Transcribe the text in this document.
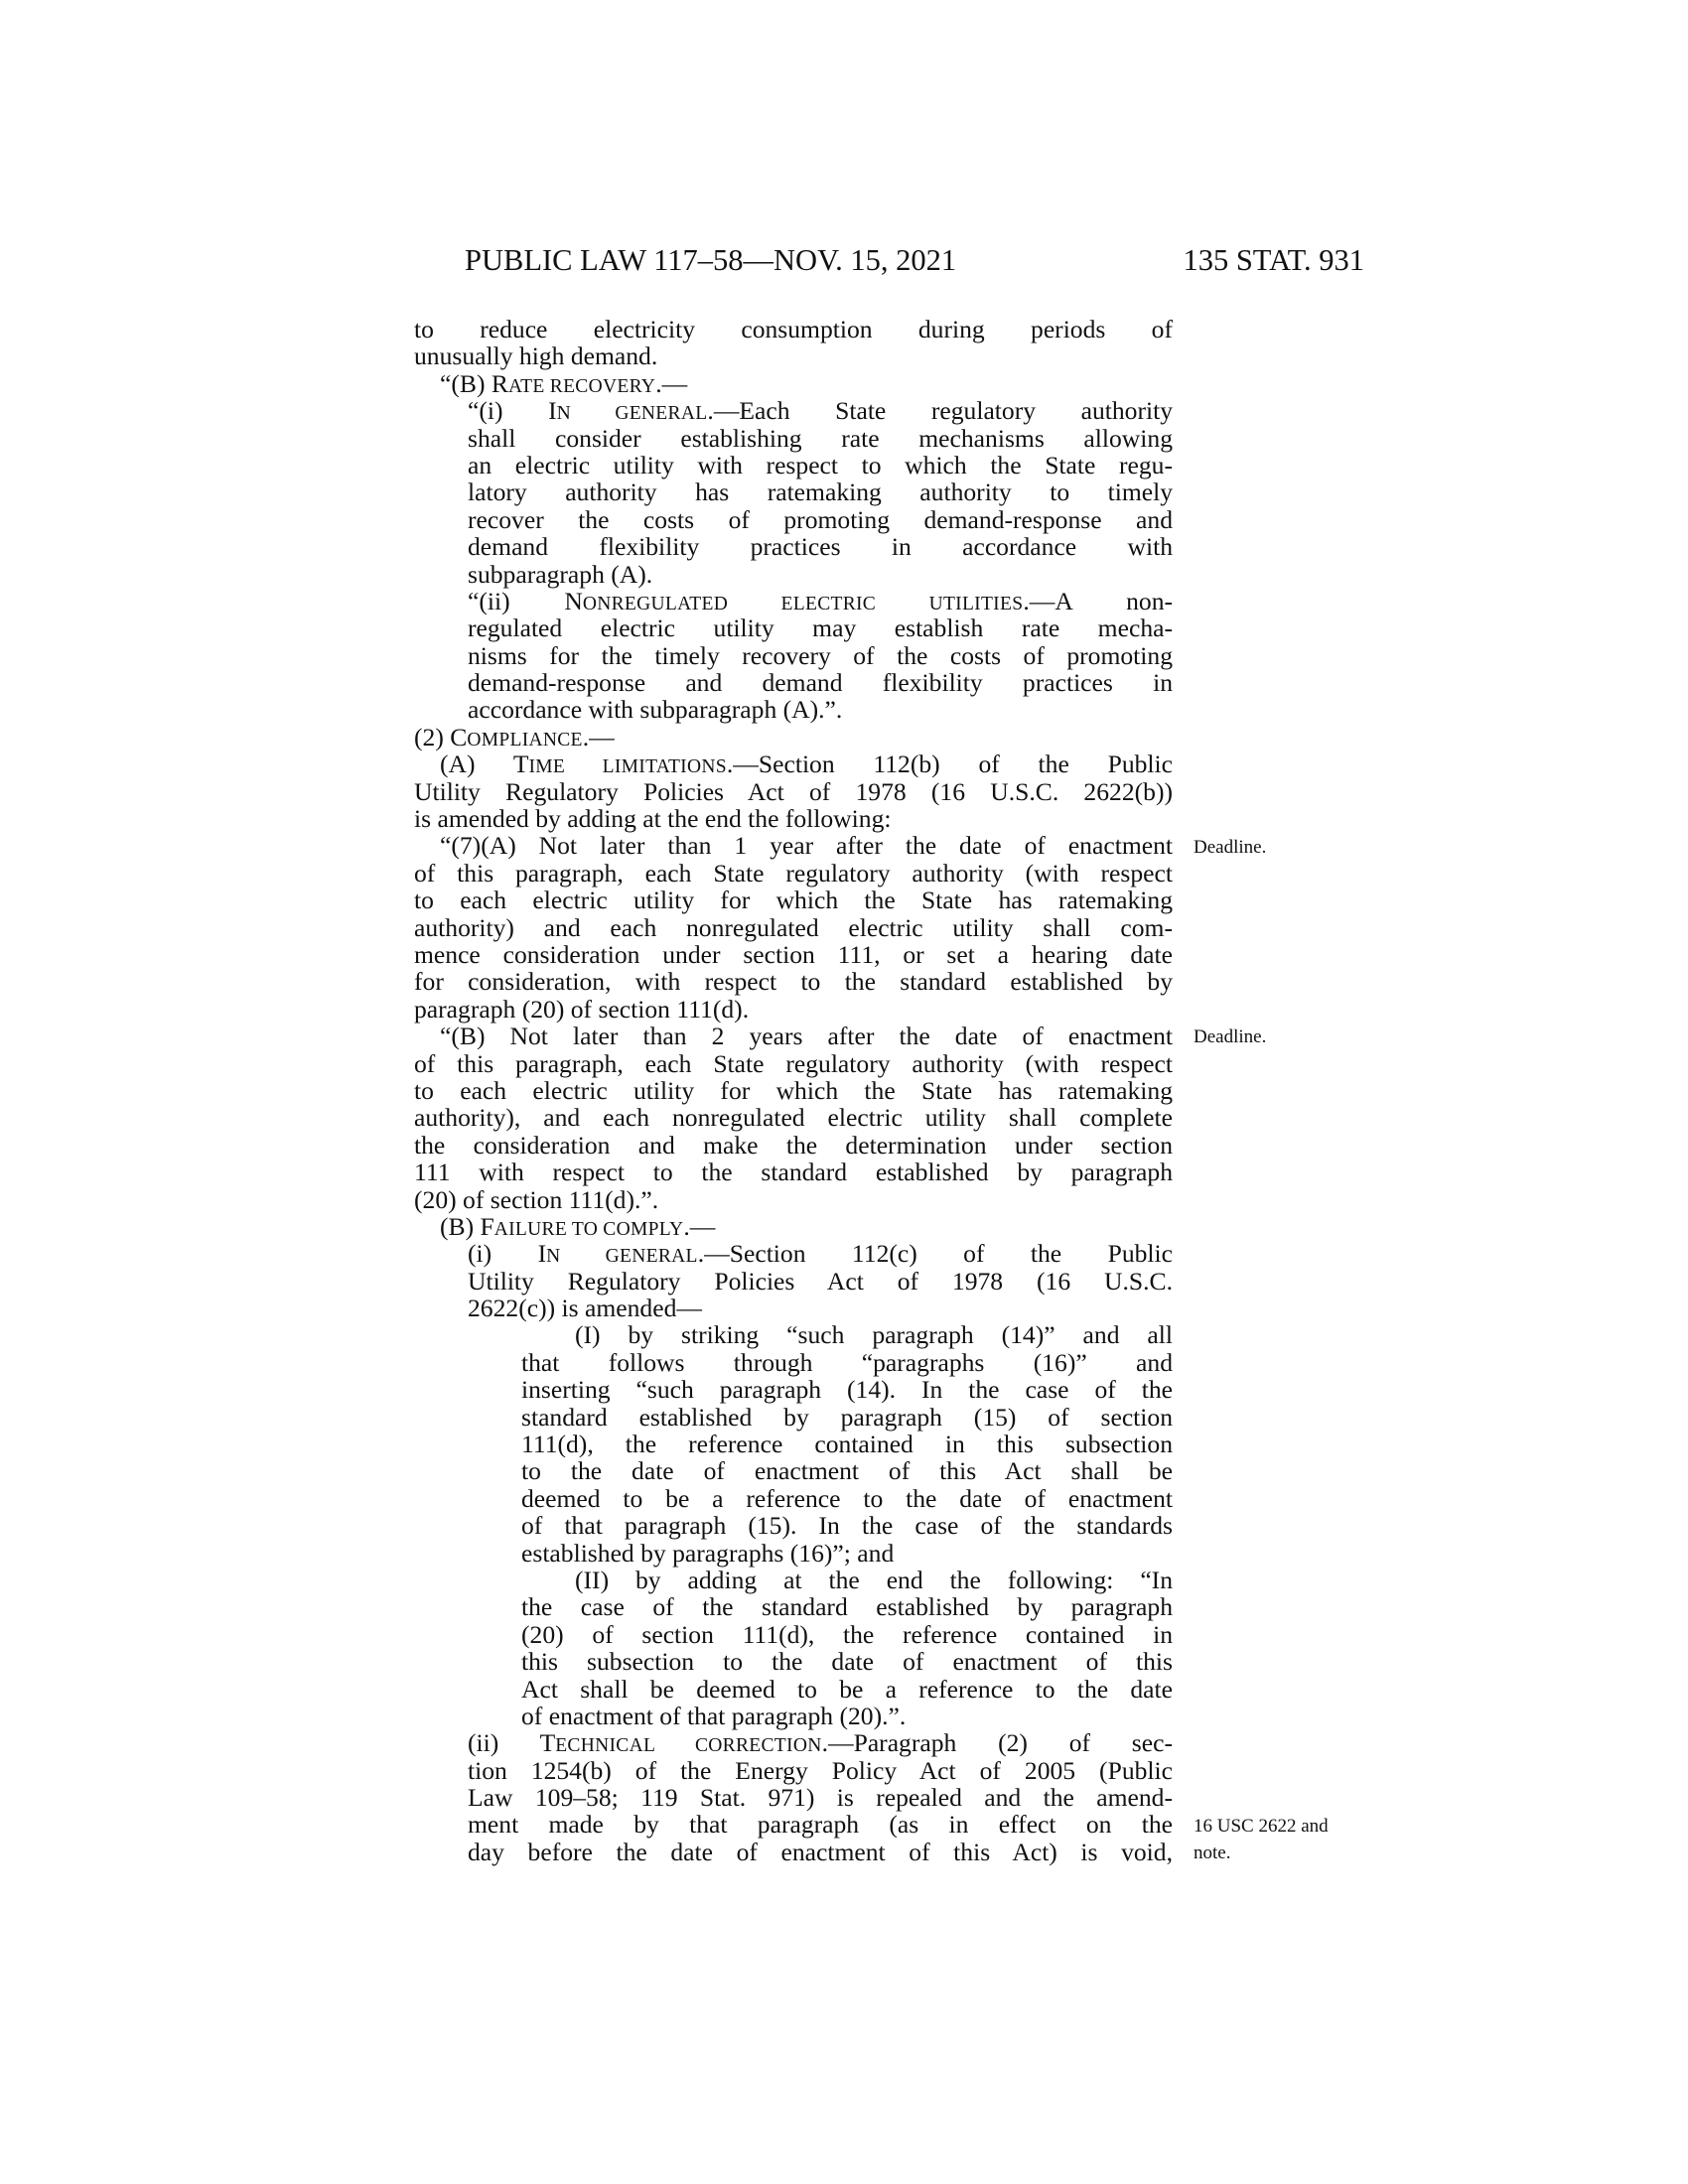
PUBLIC LAW 117–58—NOV. 15, 2021	135 STAT. 931
to reduce electricity consumption during periods of
unusually high demand.
“(B) RATE RECOVERY.—
“(i) IN GENERAL.—Each State regulatory authority
shall consider establishing rate mechanisms allowing
an electric utility with respect to which the State regu-
latory authority has ratemaking authority to timely
recover the costs of promoting demand-response and
demand flexibility practices in accordance with
subparagraph (A).
“(ii) NONREGULATED ELECTRIC UTILITIES.—A non-
regulated electric utility may establish rate mecha-
nisms for the timely recovery of the costs of promoting
demand-response and demand flexibility practices in
accordance with subparagraph (A).”.
(2) COMPLIANCE.—
(A) TIME LIMITATIONS.—Section 112(b) of the Public
Utility Regulatory Policies Act of 1978 (16 U.S.C. 2622(b))
is amended by adding at the end the following:
“(7)(A) Not later than 1 year after the date of enactment
of this paragraph, each State regulatory authority (with respect
to each electric utility for which the State has ratemaking
authority) and each nonregulated electric utility shall com-
mence consideration under section 111, or set a hearing date
for consideration, with respect to the standard established by
paragraph (20) of section 111(d).
“(B) Not later than 2 years after the date of enactment
of this paragraph, each State regulatory authority (with respect
to each electric utility for which the State has ratemaking
authority), and each nonregulated electric utility shall complete
the consideration and make the determination under section
111 with respect to the standard established by paragraph
(20) of section 111(d).”.
(B) FAILURE TO COMPLY.—
(i) IN GENERAL.—Section 112(c) of the Public
Utility Regulatory Policies Act of 1978 (16 U.S.C.
2622(c)) is amended—
(I) by striking “such paragraph (14)” and all
that follows through “paragraphs (16)” and
inserting “such paragraph (14). In the case of the
standard established by paragraph (15) of section
111(d), the reference contained in this subsection
to the date of enactment of this Act shall be
deemed to be a reference to the date of enactment
of that paragraph (15). In the case of the standards
established by paragraphs (16)”; and
(II) by adding at the end the following: “In
the case of the standard established by paragraph
(20) of section 111(d), the reference contained in
this subsection to the date of enactment of this
Act shall be deemed to be a reference to the date
of enactment of that paragraph (20).”.
(ii) TECHNICAL CORRECTION.—Paragraph (2) of sec-
tion 1254(b) of the Energy Policy Act of 2005 (Public
Law 109–58; 119 Stat. 971) is repealed and the amend-
ment made by that paragraph (as in effect on the
day before the date of enactment of this Act) is void,
Deadline.
Deadline.
16 USC 2622 and
note.
